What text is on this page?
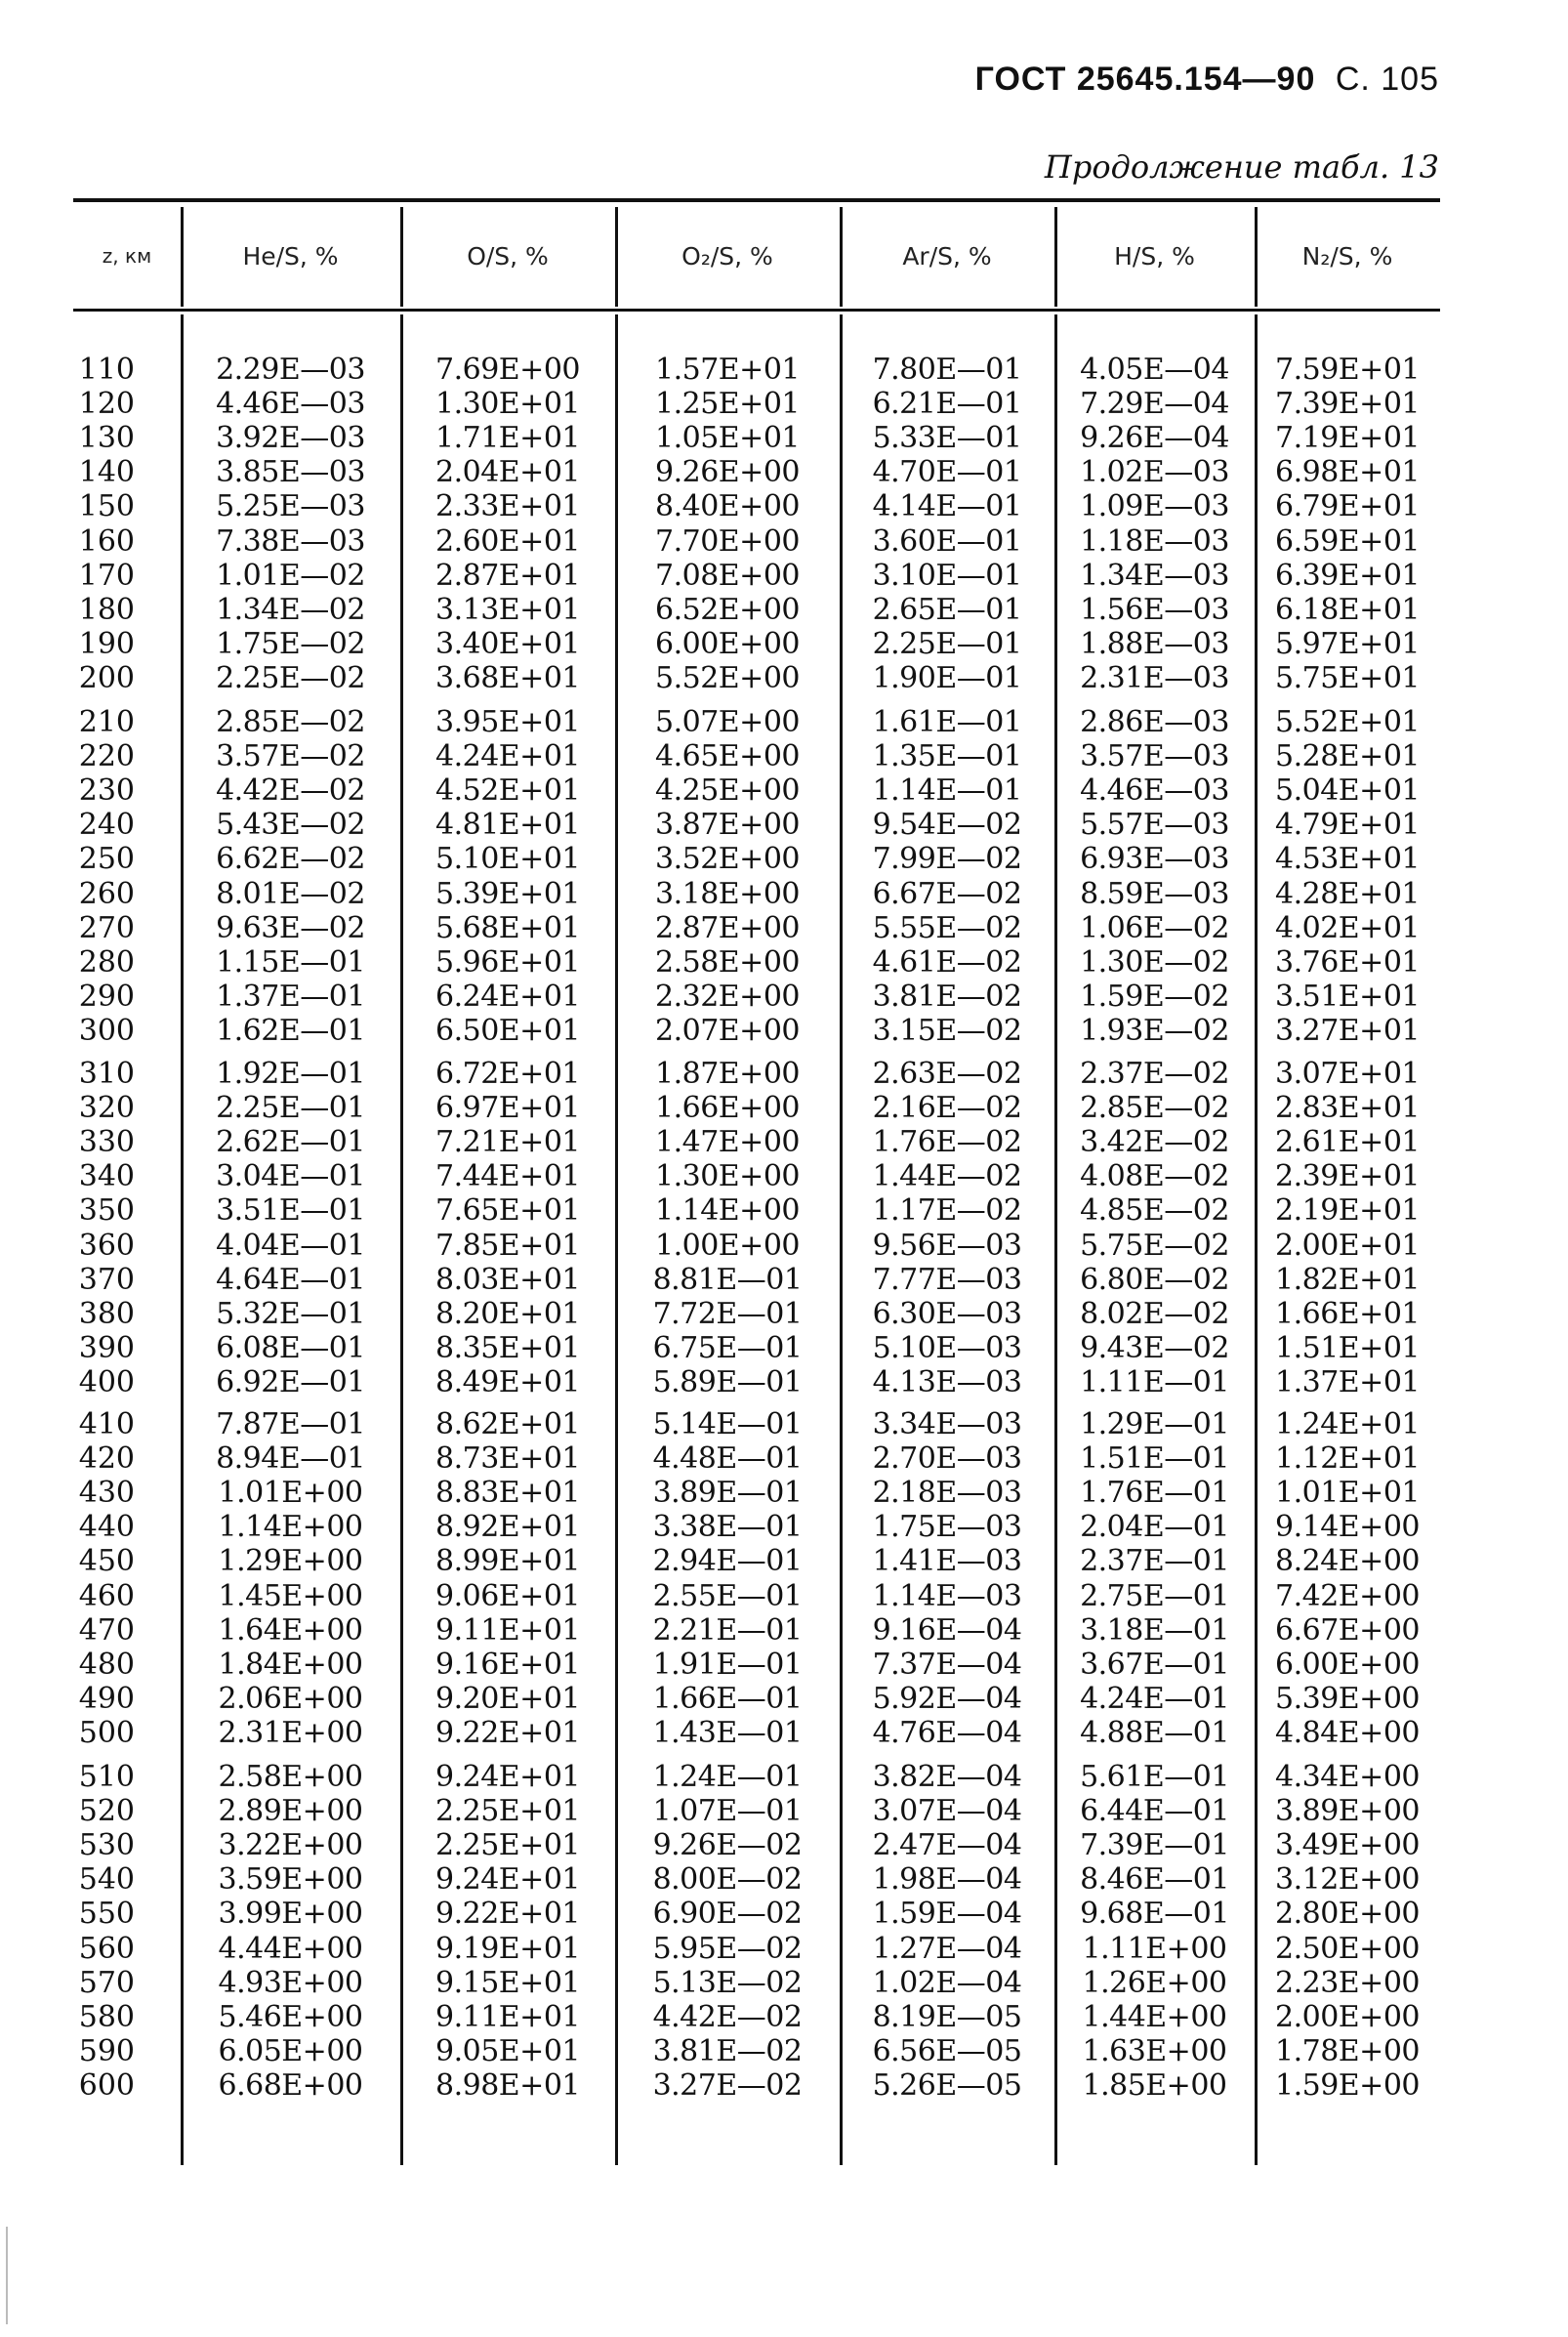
ГОСТ 25645.154—90 С. 105
Продолжение табл. 13
z, км	He/S, %	O/S, %	O₂/S, %	Ar/S, %	H/S, %	N₂/S, %
110	2.29E—03	7.69E+00	1.57E+01	7.80E—01	4.05E—04	7.59E+01
120	4.46E—03	1.30E+01	1.25E+01	6.21E—01	7.29E—04	7.39E+01
130	3.92E—03	1.71E+01	1.05E+01	5.33E—01	9.26E—04	7.19E+01
140	3.85E—03	2.04E+01	9.26E+00	4.70E—01	1.02E—03	6.98E+01
150	5.25E—03	2.33E+01	8.40E+00	4.14E—01	1.09E—03	6.79E+01
160	7.38E—03	2.60E+01	7.70E+00	3.60E—01	1.18E—03	6.59E+01
170	1.01E—02	2.87E+01	7.08E+00	3.10E—01	1.34E—03	6.39E+01
180	1.34E—02	3.13E+01	6.52E+00	2.65E—01	1.56E—03	6.18E+01
190	1.75E—02	3.40E+01	6.00E+00	2.25E—01	1.88E—03	5.97E+01
200	2.25E—02	3.68E+01	5.52E+00	1.90E—01	2.31E—03	5.75E+01
210	2.85E—02	3.95E+01	5.07E+00	1.61E—01	2.86E—03	5.52E+01
220	3.57E—02	4.24E+01	4.65E+00	1.35E—01	3.57E—03	5.28E+01
230	4.42E—02	4.52E+01	4.25E+00	1.14E—01	4.46E—03	5.04E+01
240	5.43E—02	4.81E+01	3.87E+00	9.54E—02	5.57E—03	4.79E+01
250	6.62E—02	5.10E+01	3.52E+00	7.99E—02	6.93E—03	4.53E+01
260	8.01E—02	5.39E+01	3.18E+00	6.67E—02	8.59E—03	4.28E+01
270	9.63E—02	5.68E+01	2.87E+00	5.55E—02	1.06E—02	4.02E+01
280	1.15E—01	5.96E+01	2.58E+00	4.61E—02	1.30E—02	3.76E+01
290	1.37E—01	6.24E+01	2.32E+00	3.81E—02	1.59E—02	3.51E+01
300	1.62E—01	6.50E+01	2.07E+00	3.15E—02	1.93E—02	3.27E+01
310	1.92E—01	6.72E+01	1.87E+00	2.63E—02	2.37E—02	3.07E+01
320	2.25E—01	6.97E+01	1.66E+00	2.16E—02	2.85E—02	2.83E+01
330	2.62E—01	7.21E+01	1.47E+00	1.76E—02	3.42E—02	2.61E+01
340	3.04E—01	7.44E+01	1.30E+00	1.44E—02	4.08E—02	2.39E+01
350	3.51E—01	7.65E+01	1.14E+00	1.17E—02	4.85E—02	2.19E+01
360	4.04E—01	7.85E+01	1.00E+00	9.56E—03	5.75E—02	2.00E+01
370	4.64E—01	8.03E+01	8.81E—01	7.77E—03	6.80E—02	1.82E+01
380	5.32E—01	8.20E+01	7.72E—01	6.30E—03	8.02E—02	1.66E+01
390	6.08E—01	8.35E+01	6.75E—01	5.10E—03	9.43E—02	1.51E+01
400	6.92E—01	8.49E+01	5.89E—01	4.13E—03	1.11E—01	1.37E+01
410	7.87E—01	8.62E+01	5.14E—01	3.34E—03	1.29E—01	1.24E+01
420	8.94E—01	8.73E+01	4.48E—01	2.70E—03	1.51E—01	1.12E+01
430	1.01E+00	8.83E+01	3.89E—01	2.18E—03	1.76E—01	1.01E+01
440	1.14E+00	8.92E+01	3.38E—01	1.75E—03	2.04E—01	9.14E+00
450	1.29E+00	8.99E+01	2.94E—01	1.41E—03	2.37E—01	8.24E+00
460	1.45E+00	9.06E+01	2.55E—01	1.14E—03	2.75E—01	7.42E+00
470	1.64E+00	9.11E+01	2.21E—01	9.16E—04	3.18E—01	6.67E+00
480	1.84E+00	9.16E+01	1.91E—01	7.37E—04	3.67E—01	6.00E+00
490	2.06E+00	9.20E+01	1.66E—01	5.92E—04	4.24E—01	5.39E+00
500	2.31E+00	9.22E+01	1.43E—01	4.76E—04	4.88E—01	4.84E+00
510	2.58E+00	9.24E+01	1.24E—01	3.82E—04	5.61E—01	4.34E+00
520	2.89E+00	2.25E+01	1.07E—01	3.07E—04	6.44E—01	3.89E+00
530	3.22E+00	2.25E+01	9.26E—02	2.47E—04	7.39E—01	3.49E+00
540	3.59E+00	9.24E+01	8.00E—02	1.98E—04	8.46E—01	3.12E+00
550	3.99E+00	9.22E+01	6.90E—02	1.59E—04	9.68E—01	2.80E+00
560	4.44E+00	9.19E+01	5.95E—02	1.27E—04	1.11E+00	2.50E+00
570	4.93E+00	9.15E+01	5.13E—02	1.02E—04	1.26E+00	2.23E+00
580	5.46E+00	9.11E+01	4.42E—02	8.19E—05	1.44E+00	2.00E+00
590	6.05E+00	9.05E+01	3.81E—02	6.56E—05	1.63E+00	1.78E+00
600	6.68E+00	8.98E+01	3.27E—02	5.26E—05	1.85E+00	1.59E+00
